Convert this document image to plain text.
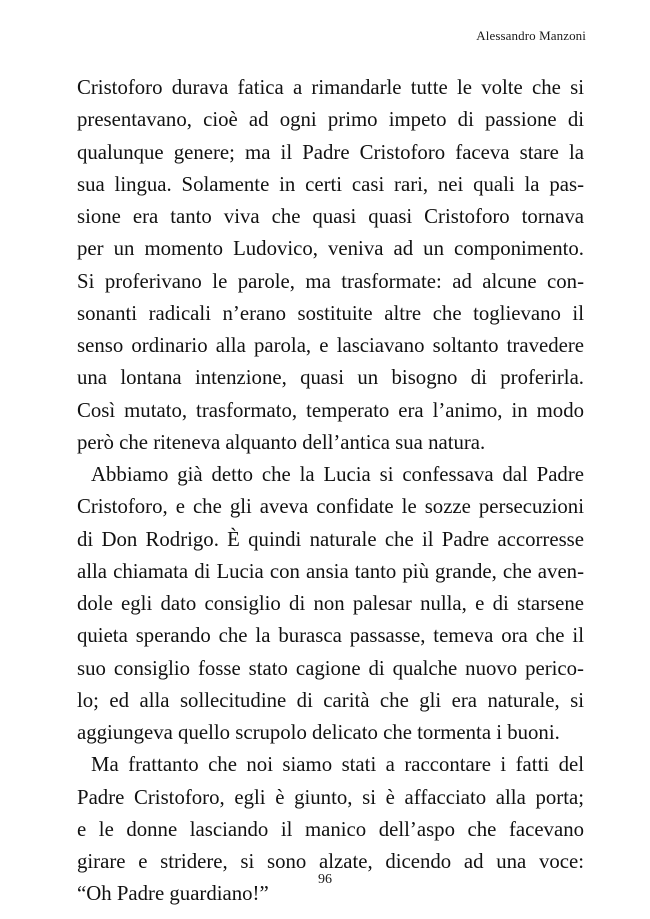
Alessandro Manzoni
Cristoforo durava fatica a rimandarle tutte le volte che si
presentavano, cioè ad ogni primo impeto di passione di
qualunque genere; ma il Padre Cristoforo faceva stare la
sua lingua. Solamente in certi casi rari, nei quali la pas-
sione era tanto viva che quasi quasi Cristoforo tornava
per un momento Ludovico, veniva ad un componimento.
Si proferivano le parole, ma trasformate: ad alcune con-
sonanti radicali n’erano sostituite altre che toglievano il
senso ordinario alla parola, e lasciavano soltanto travedere
una lontana intenzione, quasi un bisogno di proferirla.
Così mutato, trasformato, temperato era l’animo, in modo
però che riteneva alquanto dell’antica sua natura.
Abbiamo già detto che la Lucia si confessava dal Padre
Cristoforo, e che gli aveva confidate le sozze persecuzioni
di Don Rodrigo. È quindi naturale che il Padre accorresse
alla chiamata di Lucia con ansia tanto più grande, che aven-
dole egli dato consiglio di non palesar nulla, e di starsene
quieta sperando che la burasca passasse, temeva ora che il
suo consiglio fosse stato cagione di qualche nuovo perico-
lo; ed alla sollecitudine di carità che gli era naturale, si
aggiungeva quello scrupolo delicato che tormenta i buoni.
Ma frattanto che noi siamo stati a raccontare i fatti del
Padre Cristoforo, egli è giunto, si è affacciato alla porta;
e le donne lasciando il manico dell’aspo che facevano
girare e stridere, si sono alzate, dicendo ad una voce:
“Oh Padre guardiano!”
96
